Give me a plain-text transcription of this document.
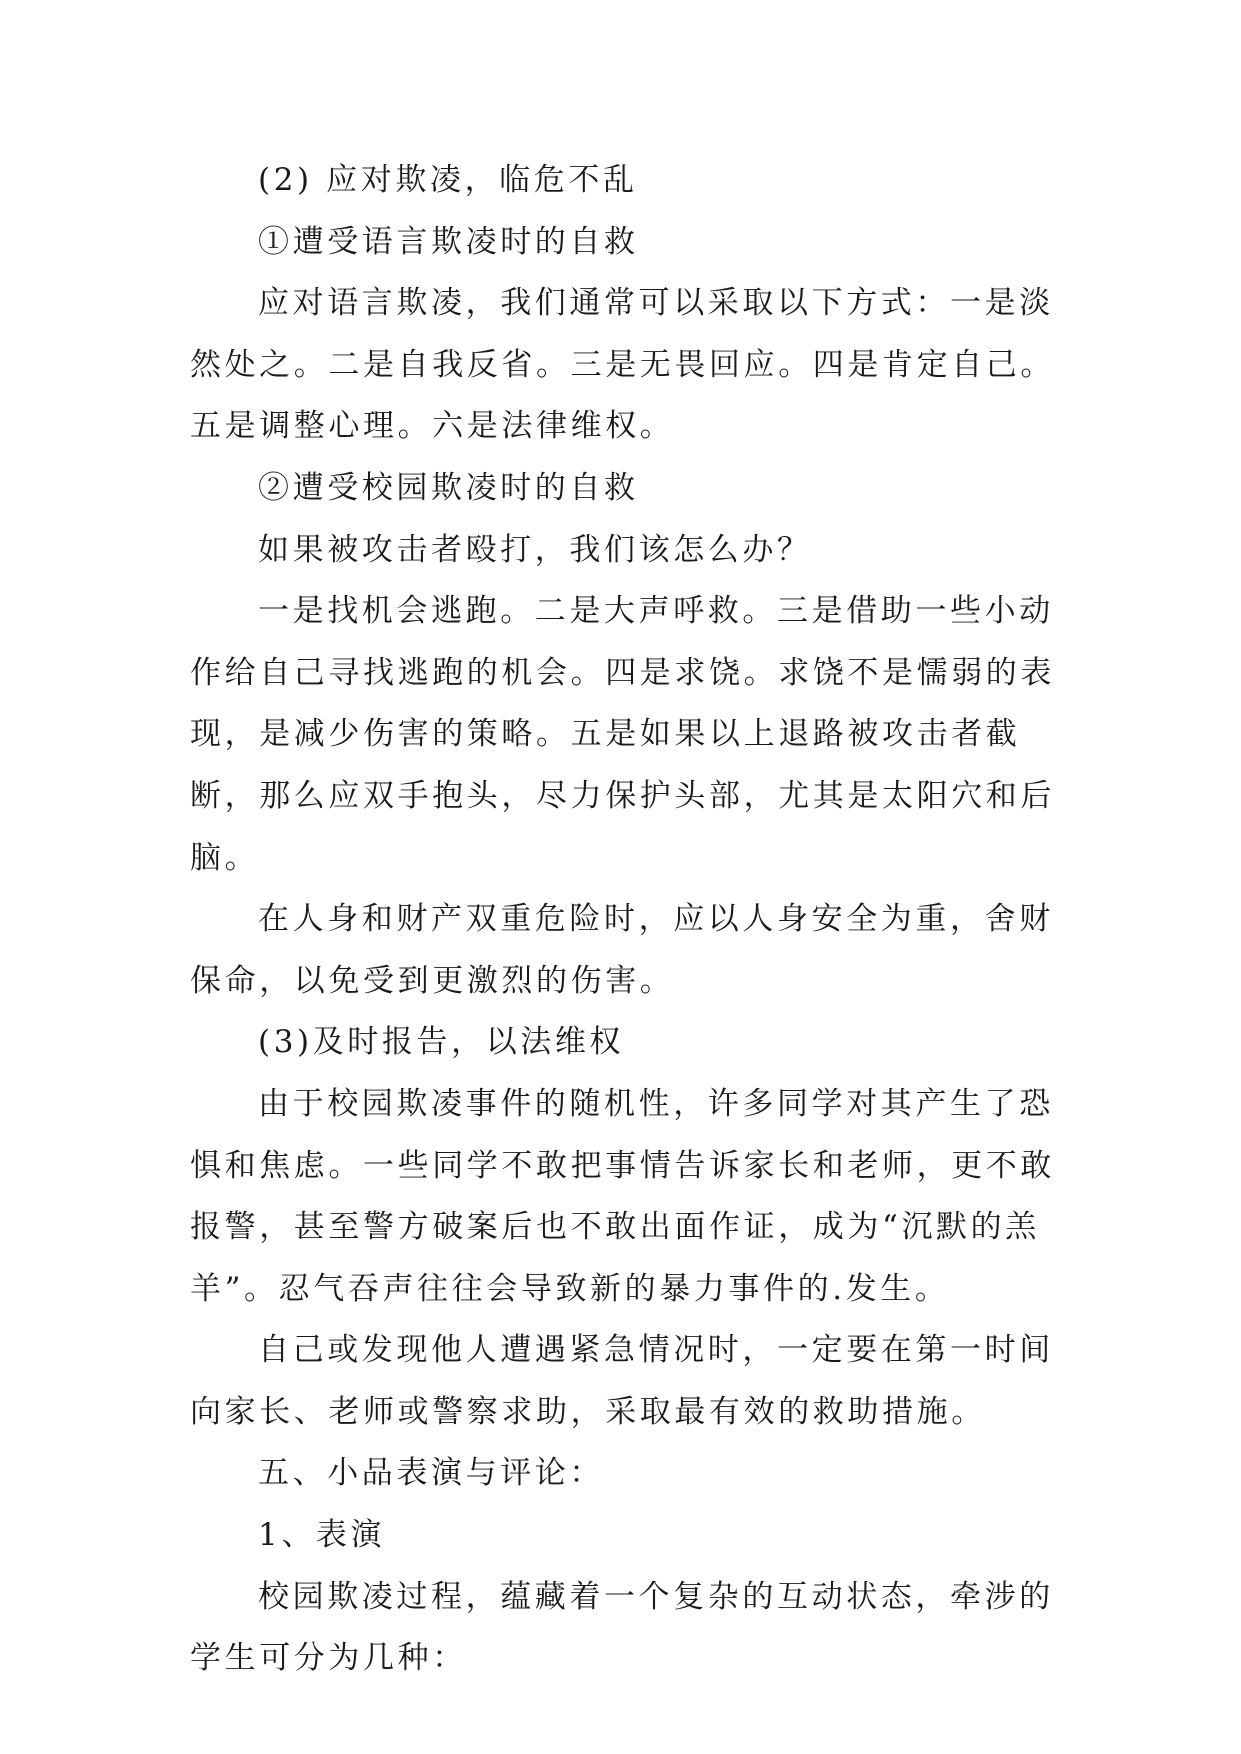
(2) 应对欺凌，临危不乱

①遭受语言欺凌时的自救

应对语言欺凌，我们通常可以采取以下方式：一是淡然处之。二是自我反省。三是无畏回应。四是肯定自己。五是调整心理。六是法律维权。

②遭受校园欺凌时的自救

如果被攻击者殴打，我们该怎么办？

一是找机会逃跑。二是大声呼救。三是借助一些小动作给自己寻找逃跑的机会。四是求饶。求饶不是懦弱的表现，是减少伤害的策略。五是如果以上退路被攻击者截断，那么应双手抱头，尽力保护头部，尤其是太阳穴和后脑。

在人身和财产双重危险时，应以人身安全为重，舍财保命，以免受到更激烈的伤害。

(3)及时报告，以法维权

由于校园欺凌事件的随机性，许多同学对其产生了恐惧和焦虑。一些同学不敢把事情告诉家长和老师，更不敢报警，甚至警方破案后也不敢出面作证，成为“沉默的羔羊”。忍气吞声往往会导致新的暴力事件的.发生。

自己或发现他人遭遇紧急情况时，一定要在第一时间向家长、老师或警察求助，采取最有效的救助措施。

五、小品表演与评论：

1、表演

校园欺凌过程，蕴藏着一个复杂的互动状态，牵涉的学生可分为几种：
